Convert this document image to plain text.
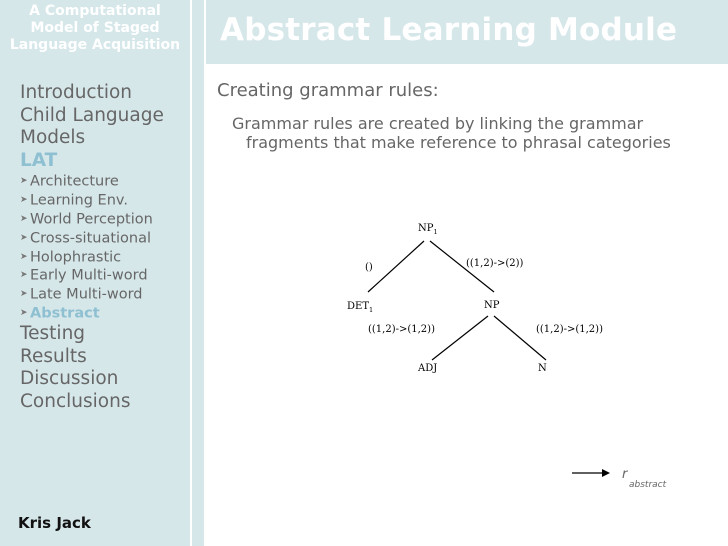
A Computational
Model of Staged
Language Acquisition
Introduction
Child Language
Models
LAT
➤ Architecture
➤ Learning Env.
➤ World Perception
➤ Cross-situational
➤ Holophrastic
➤ Early Multi-word
➤ Late Multi-word
➤ Abstract
Testing
Results
Discussion
Conclusions
Kris Jack
Abstract Learning Module
Creating grammar rules:
Grammar rules are created by linking the grammar
fragments that make reference to phrasal categories
$NP_1$
()	((1,2)->(2))
$DET_1$	NP
((1,2)->(1,2))	((1,2)->(1,2))
ADJ	N
r
abstract
